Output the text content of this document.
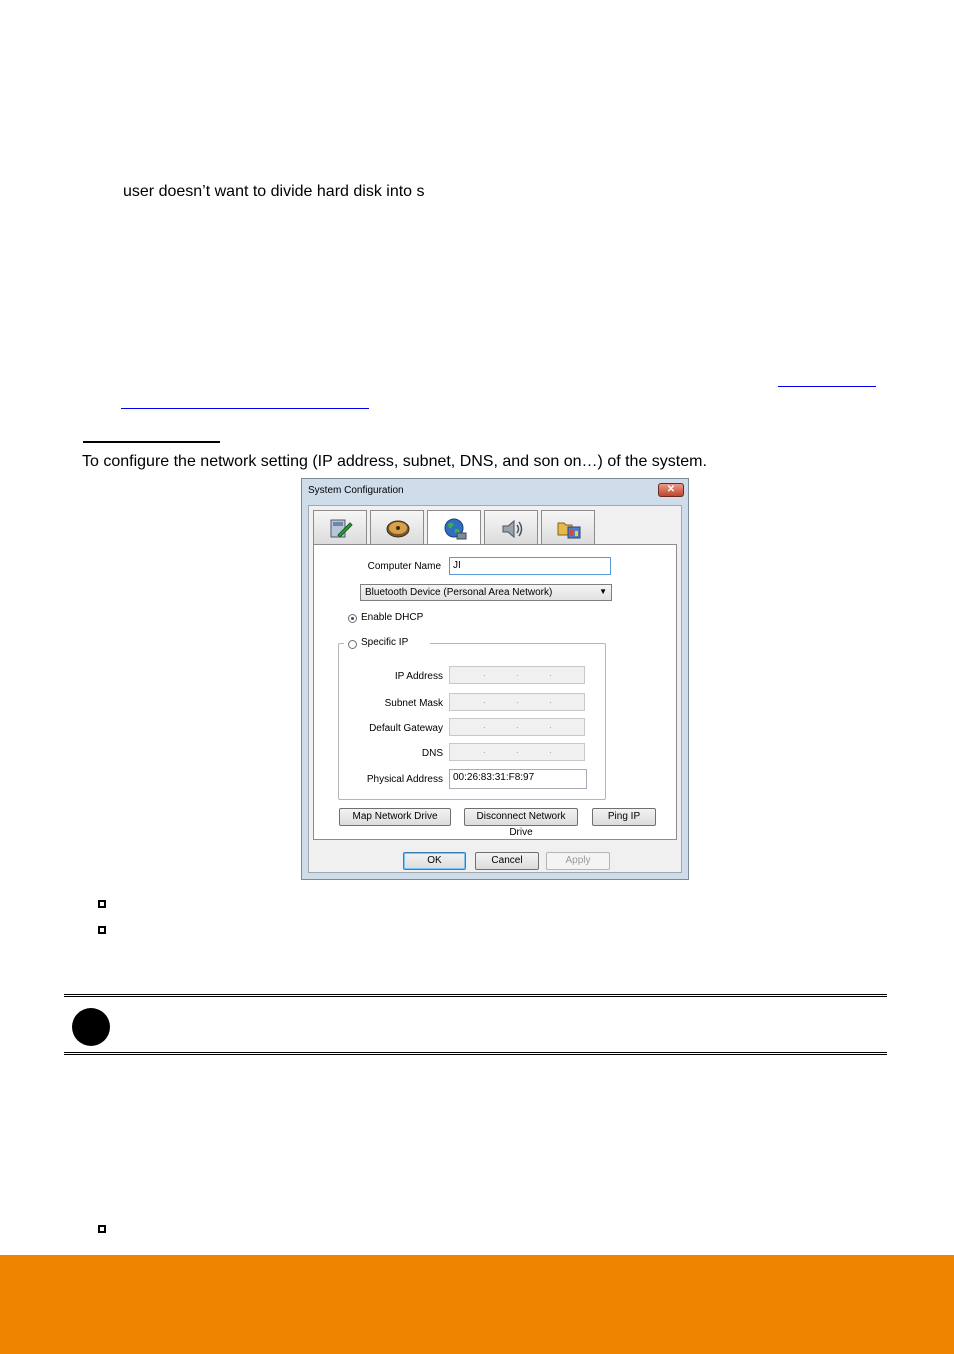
user doesn’t want to divide hard disk into s
To configure the network setting (IP address, subnet, DNS, and son on…) of the system.
System Configuration	✕
Computer Name	JI
Bluetooth Device (Personal Area Network)	▼
Enable DHCP
Specific IP
IP Address	·	·	·
Subnet Mask	·	·	·
Default Gateway	·	·	·
DNS	·	·	·
Physical Address	00:26:83:31:F8:97
Map Network Drive	Disconnect Network Drive
Ping IP
OK	Cancel	Apply
